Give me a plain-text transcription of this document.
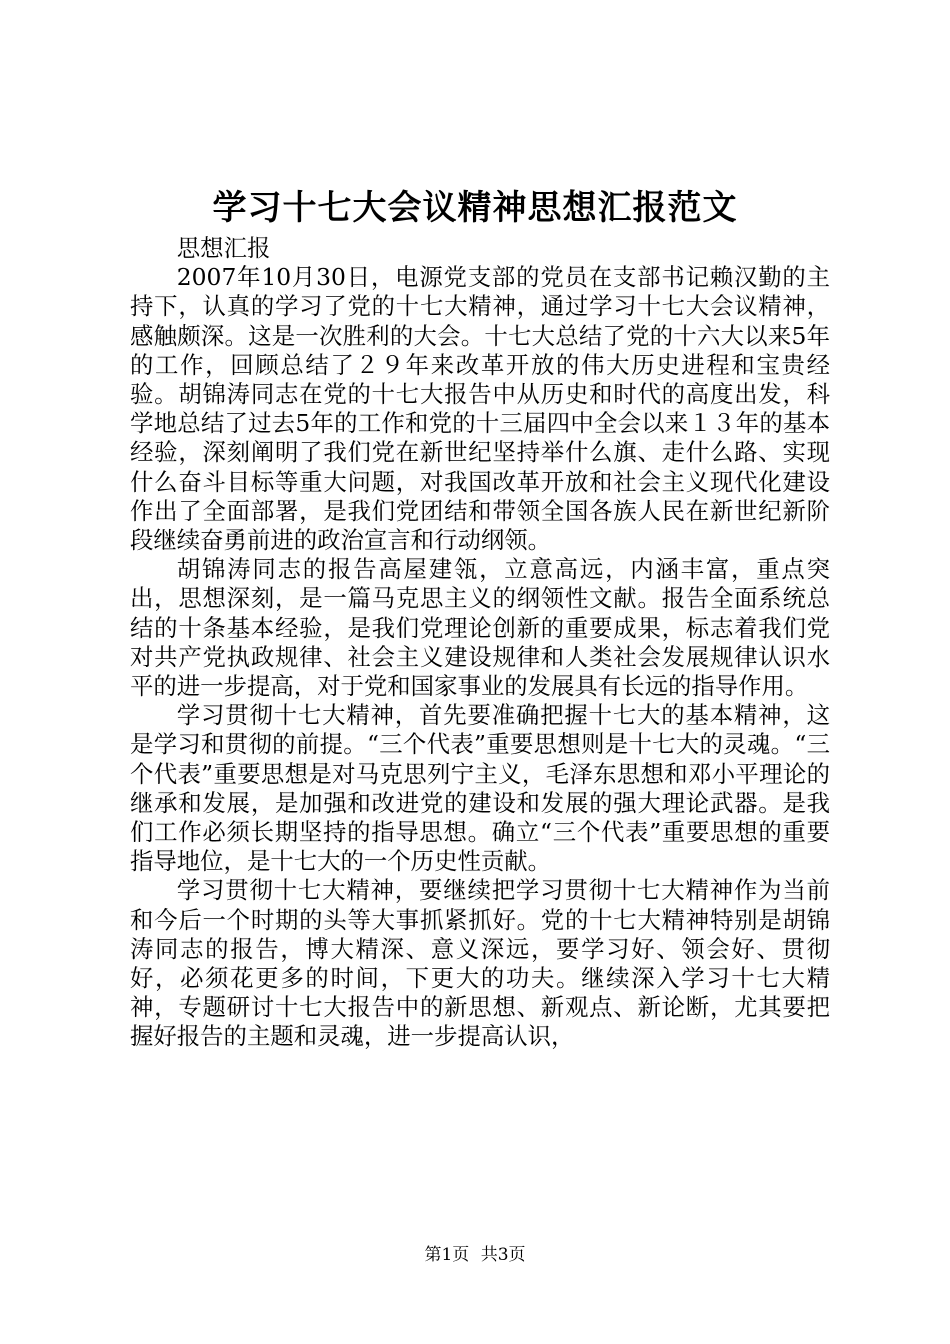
学习十七大会议精神思想汇报范文

思想汇报

2007年10月30日，电源党支部的党员在支部书记赖汉勤的主持下，认真的学习了党的十七大精神，通过学习十七大会议精神，感触颇深。这是一次胜利的大会。十七大总结了党的十六大以来5年的工作，回顾总结了２９年来改革开放的伟大历史进程和宝贵经验。胡锦涛同志在党的十七大报告中从历史和时代的高度出发，科学地总结了过去5年的工作和党的十三届四中全会以来１３年的基本经验，深刻阐明了我们党在新世纪坚持举什么旗、走什么路、实现什么奋斗目标等重大问题，对我国改革开放和社会主义现代化建设作出了全面部署，是我们党团结和带领全国各族人民在新世纪新阶段继续奋勇前进的政治宣言和行动纲领。

胡锦涛同志的报告高屋建瓴，立意高远，内涵丰富，重点突出，思想深刻，是一篇马克思主义的纲领性文献。报告全面系统总结的十条基本经验，是我们党理论创新的重要成果，标志着我们党对共产党执政规律、社会主义建设规律和人类社会发展规律认识水平的进一步提高，对于党和国家事业的发展具有长远的指导作用。

学习贯彻十七大精神，首先要准确把握十七大的基本精神，这是学习和贯彻的前提。“三个代表”重要思想则是十七大的灵魂。“三个代表”重要思想是对马克思列宁主义，毛泽东思想和邓小平理论的继承和发展，是加强和改进党的建设和发展的强大理论武器。是我们工作必须长期坚持的指导思想。确立“三个代表”重要思想的重要指导地位，是十七大的一个历史性贡献。

学习贯彻十七大精神，要继续把学习贯彻十七大精神作为当前和今后一个时期的头等大事抓紧抓好。党的十七大精神特别是胡锦涛同志的报告，博大精深、意义深远，要学习好、领会好、贯彻好，必须花更多的时间，下更大的功夫。继续深入学习十七大精神，专题研讨十七大报告中的新思想、新观点、新论断，尤其要把握好报告的主题和灵魂，进一步提高认识，

第1页 共3页
